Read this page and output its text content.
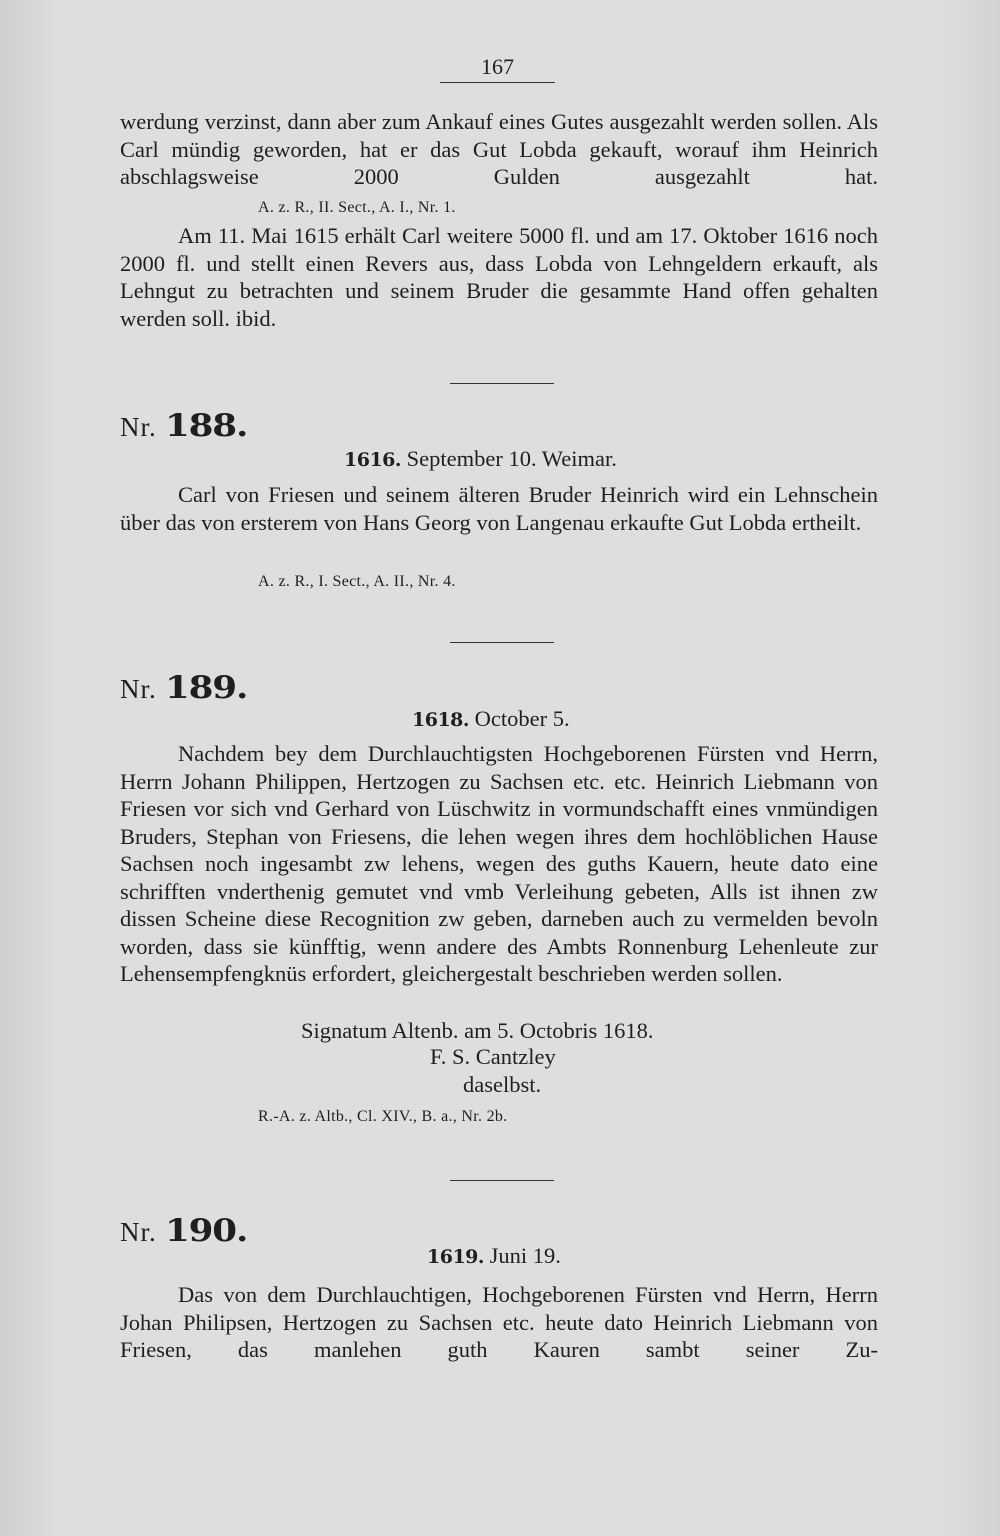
167
werdung verzinst, dann aber zum Ankauf eines Gutes ausgezahlt werden sollen. Als Carl mündig geworden, hat er das Gut Lobda gekauft, worauf ihm Heinrich abschlagsweise 2000 Gulden ausgezahlt hat.
A. z. R., II. Sect., A. I., Nr. 1.
Am 11. Mai 1615 erhält Carl weitere 5000 fl. und am 17. Oktober 1616 noch 2000 fl. und stellt einen Revers aus, dass Lobda von Lehngeldern erkauft, als Lehngut zu betrachten und seinem Bruder die gesammte Hand offen gehalten werden soll. ibid.
Nr. 188.
1616. September 10. Weimar.
Carl von Friesen und seinem älteren Bruder Heinrich wird ein Lehnschein über das von ersterem von Hans Georg von Langenau erkaufte Gut Lobda ertheilt.
A. z. R., I. Sect., A. II., Nr. 4.
Nr. 189.
1618. October 5.
Nachdem bey dem Durchlauchtigsten Hochgeborenen Fürsten vnd Herrn, Herrn Johann Philippen, Hertzogen zu Sachsen etc. etc. Heinrich Liebmann von Friesen vor sich vnd Gerhard von Lüschwitz in vormundschafft eines vnmündigen Bruders, Stephan von Friesens, die lehen wegen ihres dem hochlöblichen Hause Sachsen noch ingesambt zw lehens, wegen des guths Kauern, heute dato eine schrifften vnderthenig gemutet vnd vmb Verleihung gebeten, Alls ist ihnen zw dissen Scheine diese Recognition zw geben, darneben auch zu vermelden bevoln worden, dass sie künfftig, wenn andere des Ambts Ronnenburg Lehenleute zur Lehensempfengknüs erfordert, gleichergestalt beschrieben werden sollen.
Signatum Altenb. am 5. Octobris 1618.
F. S. Cantzley
daselbst.
R.-A. z. Altb., Cl. XIV., B. a., Nr. 2b.
Nr. 190.
1619. Juni 19.
Das von dem Durchlauchtigen, Hochgeborenen Fürsten vnd Herrn, Herrn Johan Philipsen, Hertzogen zu Sachsen etc. heute dato Heinrich Liebmann von Friesen, das manlehen guth Kauren sambt seiner Zu-
